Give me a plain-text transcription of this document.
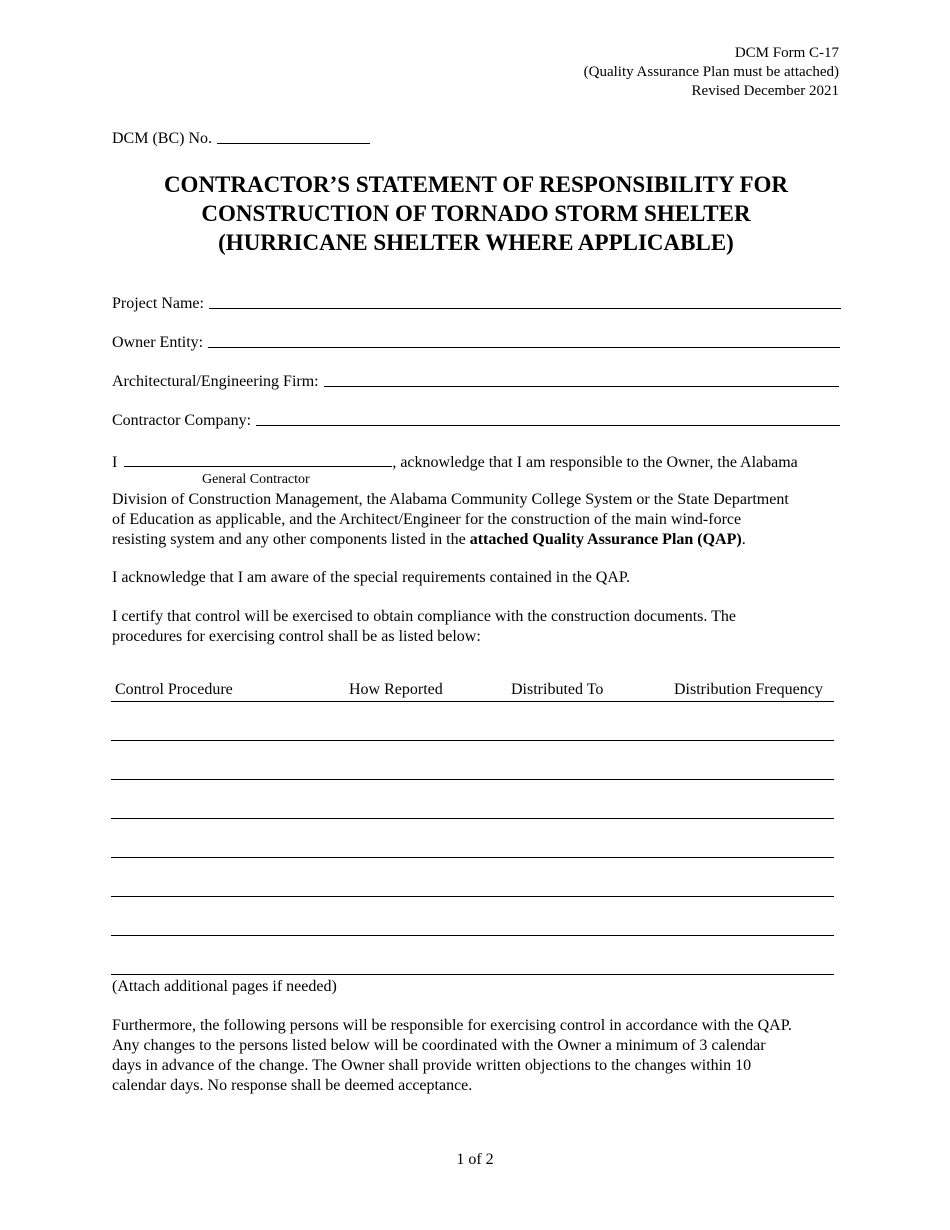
DCM Form C-17
(Quality Assurance Plan must be attached)
Revised December 2021
DCM (BC) No.
CONTRACTOR’S STATEMENT OF RESPONSIBILITY FOR
CONSTRUCTION OF TORNADO STORM SHELTER
(HURRICANE SHELTER WHERE APPLICABLE)
Project Name:
Owner Entity:
Architectural/Engineering Firm:
Contractor Company:
I	, acknowledge that I am responsible to the Owner, the Alabama
General Contractor
Division of Construction Management, the Alabama Community College System or the State Department
of Education as applicable, and the Architect/Engineer for the construction of the main wind-force
resisting system and any other components listed in the attached Quality Assurance Plan (QAP).
I acknowledge that I am aware of the special requirements contained in the QAP.
I certify that control will be exercised to obtain compliance with the construction documents. The
procedures for exercising control shall be as listed below:
Control Procedure	How Reported	Distributed To	Distribution Frequency
(Attach additional pages if needed)
Furthermore, the following persons will be responsible for exercising control in accordance with the QAP.
Any changes to the persons listed below will be coordinated with the Owner a minimum of 3 calendar
days in advance of the change. The Owner shall provide written objections to the changes within 10
calendar days. No response shall be deemed acceptance.
1 of 2
